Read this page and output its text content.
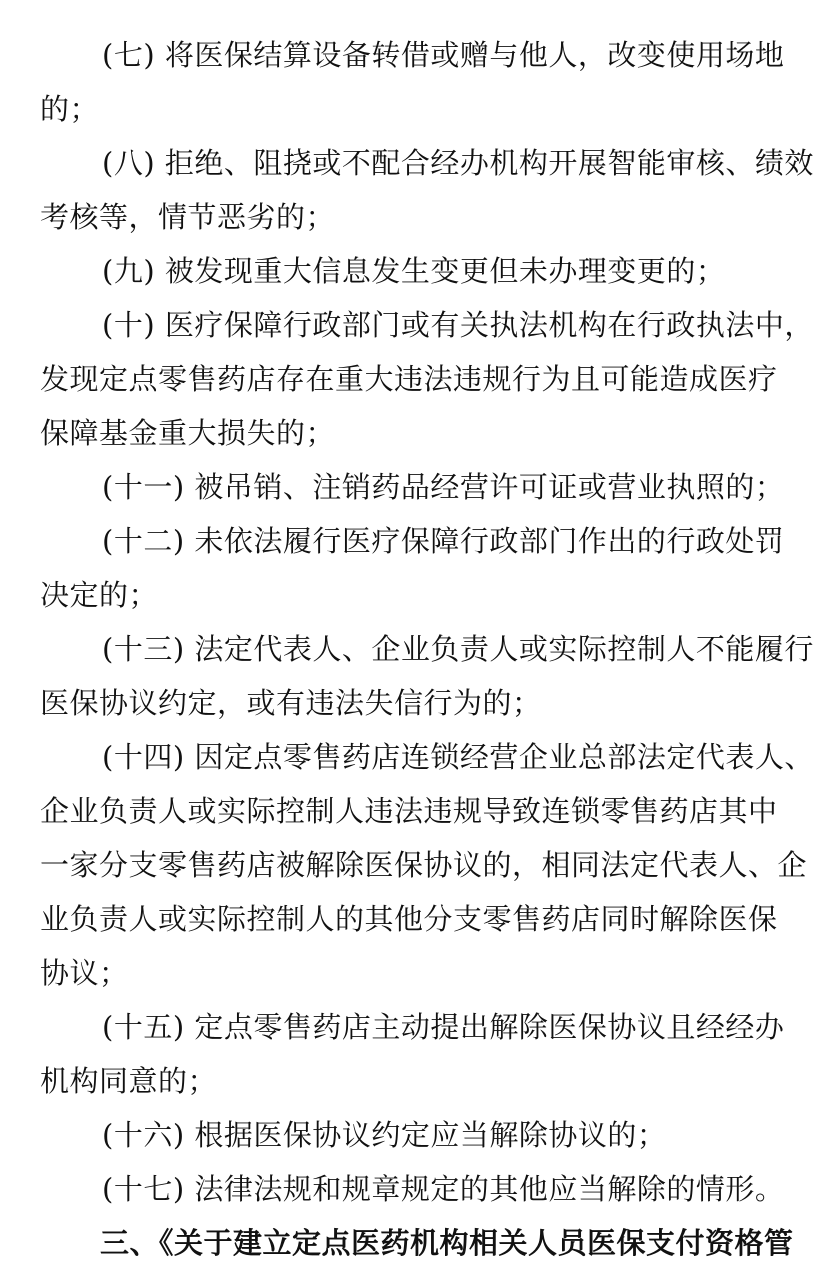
(七) 将医保结算设备转借或赠与他人，改变使用场地
的；
(八) 拒绝、阻挠或不配合经办机构开展智能审核、绩效
考核等，情节恶劣的；
(九) 被发现重大信息发生变更但未办理变更的；
(十) 医疗保障行政部门或有关执法机构在行政执法中，
发现定点零售药店存在重大违法违规行为且可能造成医疗
保障基金重大损失的；
(十一) 被吊销、注销药品经营许可证或营业执照的；
(十二) 未依法履行医疗保障行政部门作出的行政处罚
决定的；
(十三) 法定代表人、企业负责人或实际控制人不能履行
医保协议约定，或有违法失信行为的；
(十四) 因定点零售药店连锁经营企业总部法定代表人、
企业负责人或实际控制人违法违规导致连锁零售药店其中
一家分支零售药店被解除医保协议的，相同法定代表人、企
业负责人或实际控制人的其他分支零售药店同时解除医保
协议；
(十五) 定点零售药店主动提出解除医保协议且经经办
机构同意的；
(十六) 根据医保协议约定应当解除协议的；
(十七) 法律法规和规章规定的其他应当解除的情形。
三、《关于建立定点医药机构相关人员医保支付资格管
